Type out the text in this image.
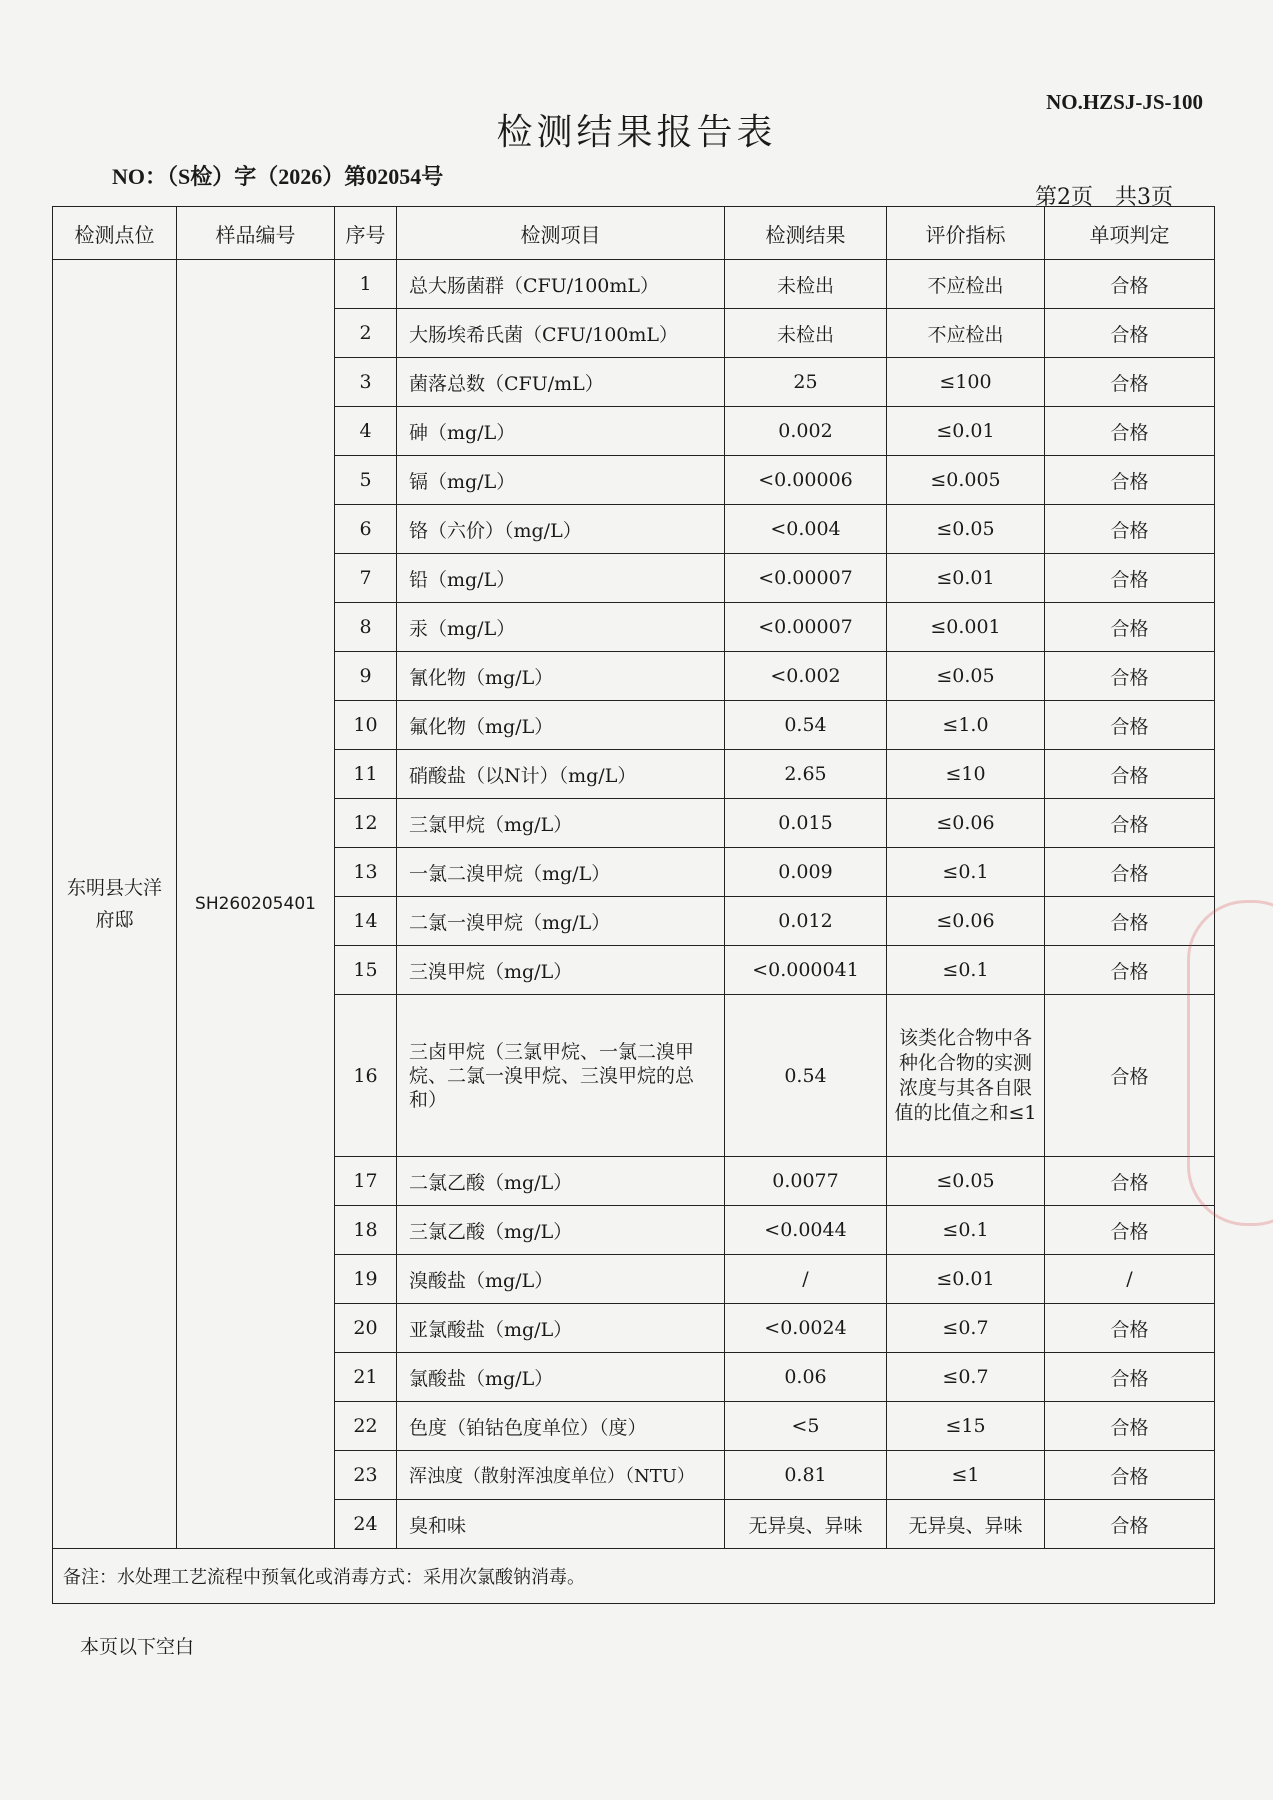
NO.HZSJ-JS-100
检测结果报告表
NO：（S检）字（2026）第02054号
第2页　共3页
检测点位	样品编号	序号	检测项目	检测结果	评价指标	单项判定
东明县大洋府邸	SH260205401	1	总大肠菌群（CFU/100mL）	未检出	不应检出	合格
		2	大肠埃希氏菌（CFU/100mL）	未检出	不应检出	合格
		3	菌落总数（CFU/mL）	25	≤100	合格
		4	砷（mg/L）	0.002	≤0.01	合格
		5	镉（mg/L）	<0.00006	≤0.005	合格
		6	铬（六价）（mg/L）	<0.004	≤0.05	合格
		7	铅（mg/L）	<0.00007	≤0.01	合格
		8	汞（mg/L）	<0.00007	≤0.001	合格
		9	氰化物（mg/L）	<0.002	≤0.05	合格
		10	氟化物（mg/L）	0.54	≤1.0	合格
		11	硝酸盐（以N计）（mg/L）	2.65	≤10	合格
		12	三氯甲烷（mg/L）	0.015	≤0.06	合格
		13	一氯二溴甲烷（mg/L）	0.009	≤0.1	合格
		14	二氯一溴甲烷（mg/L）	0.012	≤0.06	合格
		15	三溴甲烷（mg/L）	<0.000041	≤0.1	合格
		16	三卤甲烷（三氯甲烷、一氯二溴甲烷、二氯一溴甲烷、三溴甲烷的总和）	0.54	该类化合物中各种化合物的实测浓度与其各自限值的比值之和≤1	合格
		17	二氯乙酸（mg/L）	0.0077	≤0.05	合格
		18	三氯乙酸（mg/L）	<0.0044	≤0.1	合格
		19	溴酸盐（mg/L）	/	≤0.01	/
		20	亚氯酸盐（mg/L）	<0.0024	≤0.7	合格
		21	氯酸盐（mg/L）	0.06	≤0.7	合格
		22	色度（铂钴色度单位）（度）	<5	≤15	合格
		23	浑浊度（散射浑浊度单位）（NTU）	0.81	≤1	合格
		24	臭和味	无异臭、异味	无异臭、异味	合格
备注：水处理工艺流程中预氧化或消毒方式：采用次氯酸钠消毒。						
本页以下空白
